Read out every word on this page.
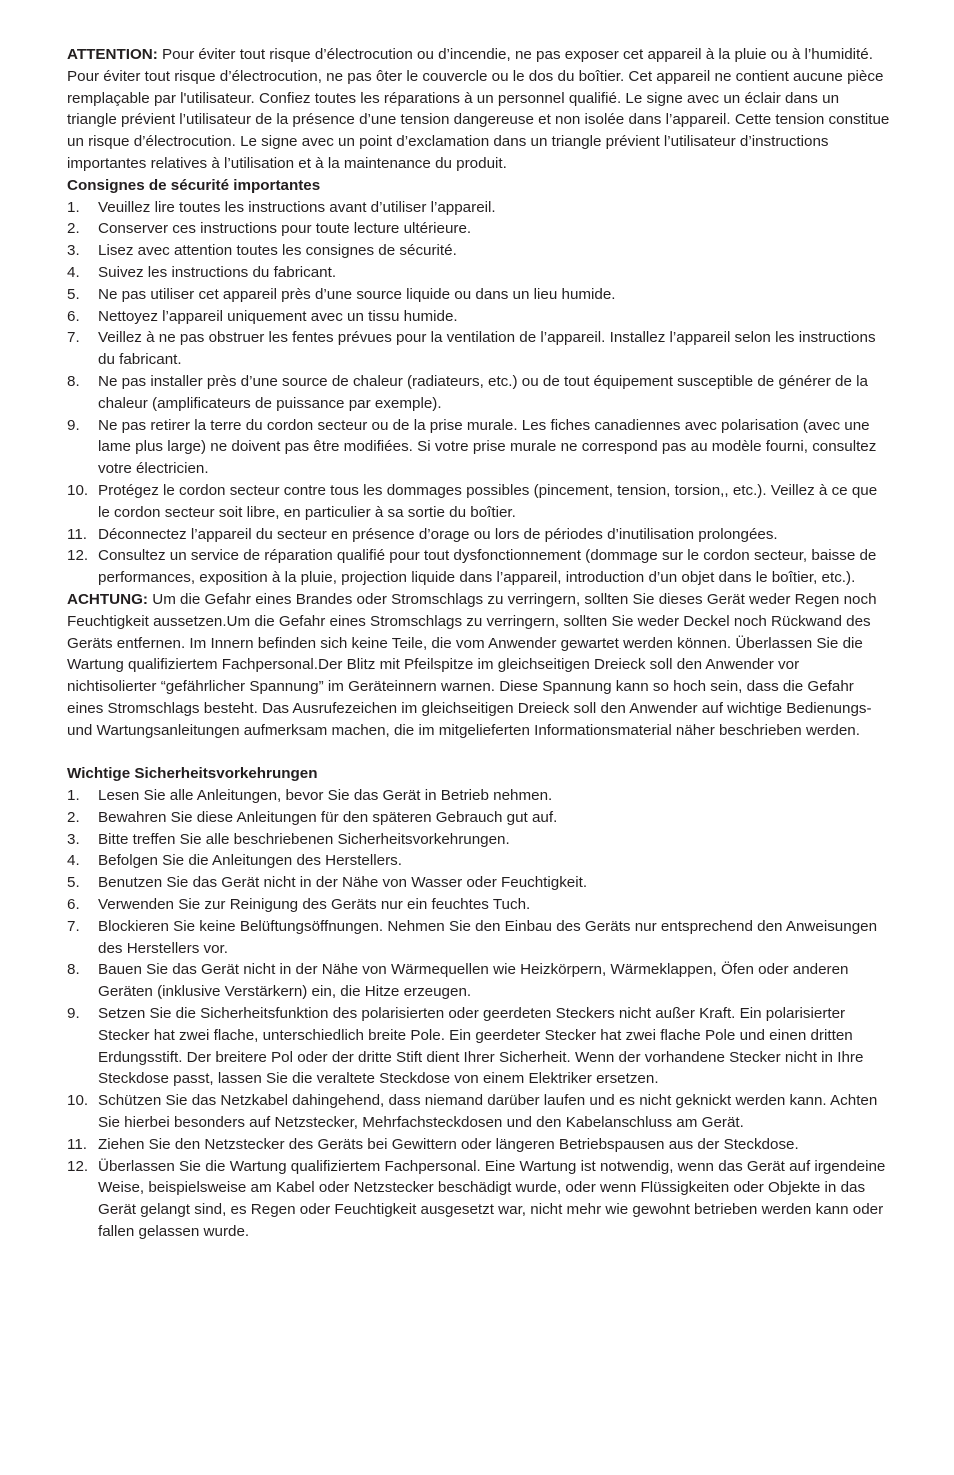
ATTENTION: Pour éviter tout risque d’électrocution ou d’incendie, ne pas exposer cet appareil à la pluie ou à l’humidité. Pour éviter tout risque d’électrocution, ne pas ôter le couvercle ou le dos du boîtier. Cet appareil ne contient aucune pièce remplaçable par l'utilisateur. Confiez toutes les réparations à un personnel qualifié. Le signe avec un éclair dans un triangle prévient l’utilisateur de la présence d’une tension dangereuse et non isolée dans l’appareil. Cette tension constitue un risque d’électrocution. Le signe avec un point d’exclamation dans un triangle prévient l’utilisateur d’instructions importantes relatives à l’utilisation et à la maintenance du produit.

Consignes de sécurité importantes
1.	Veuillez lire toutes les instructions avant d’utiliser l’appareil.
2.	Conserver ces instructions pour toute lecture ultérieure.
3.	Lisez avec attention toutes les consignes de sécurité.
4.	Suivez les instructions du fabricant.
5.	Ne pas utiliser cet appareil près d’une source liquide ou dans un lieu humide.
6.	Nettoyez l’appareil uniquement avec un tissu humide.
7.	Veillez à ne pas obstruer les fentes prévues pour la ventilation de l’appareil. Installez l’appareil selon les instructions du fabricant.
8.	Ne pas installer près d’une source de chaleur (radiateurs, etc.) ou de tout équipement susceptible de générer de la chaleur (amplificateurs de puissance par exemple).
9.	Ne pas retirer la terre du cordon secteur ou de la prise murale. Les fiches canadiennes avec polarisation (avec une lame plus large) ne doivent pas être modifiées. Si votre prise murale ne correspond pas au modèle fourni, consultez votre électricien.
10. Protégez le cordon secteur contre tous les dommages possibles (pincement, tension, torsion,, etc.). Veillez à ce que le cordon secteur soit libre, en particulier à sa sortie du boîtier.
11. Déconnectez l’appareil du secteur en présence d’orage ou lors de périodes d’inutilisation prolongées.
12. Consultez un service de réparation qualifié pour tout dysfonctionnement (dommage sur le cordon secteur, baisse de performances, exposition à la pluie, projection liquide dans l’appareil, introduction d’un objet dans le boîtier, etc.).

ACHTUNG: Um die Gefahr eines Brandes oder Stromschlags zu verringern, sollten Sie dieses Gerät weder Regen noch Feuchtigkeit aussetzen.Um die Gefahr eines Stromschlags zu verringern, sollten Sie weder Deckel noch Rückwand des Geräts entfernen. Im Innern befinden sich keine Teile, die vom Anwender gewartet werden können. Überlassen Sie die Wartung qualifiziertem Fachpersonal.Der Blitz mit Pfeilspitze im gleichseitigen Dreieck soll den Anwender vor nichtisolierter “gefährlicher Spannung” im Geräteinnern warnen. Diese Spannung kann so hoch sein, dass die Gefahr eines Stromschlags besteht. Das Ausrufezeichen im gleichseitigen Dreieck soll den Anwender auf wichtige Bedienungs- und Wartungsanleitungen aufmerksam machen, die im mitgelieferten Informationsmaterial näher beschrieben werden.

Wichtige Sicherheitsvorkehrungen
1.	Lesen Sie alle Anleitungen, bevor Sie das Gerät in Betrieb nehmen.
2.	Bewahren Sie diese Anleitungen für den späteren Gebrauch gut auf.
3.	Bitte treffen Sie alle beschriebenen Sicherheitsvorkehrungen.
4.	Befolgen Sie die Anleitungen des Herstellers.
5.	Benutzen Sie das Gerät nicht in der Nähe von Wasser oder Feuchtigkeit.
6.	Verwenden Sie zur Reinigung des Geräts nur ein feuchtes Tuch.
7.	Blockieren Sie keine Belüftungsöffnungen. Nehmen Sie den Einbau des Geräts nur entsprechend den Anweisungen des Herstellers vor.
8.	Bauen Sie das Gerät nicht in der Nähe von Wärmequellen wie Heizkörpern, Wärmeklappen, Öfen oder anderen Geräten (inklusive Verstärkern) ein, die Hitze erzeugen.
9.	Setzen Sie die Sicherheitsfunktion des polarisierten oder geerdeten Steckers nicht außer Kraft. Ein polarisierter Stecker hat zwei flache, unterschiedlich breite Pole. Ein geerdeter Stecker hat zwei flache Pole und einen dritten Erdungsstift. Der breitere Pol oder der dritte Stift dient Ihrer Sicherheit. Wenn der vorhandene Stecker nicht in Ihre Steckdose passt, lassen Sie die veraltete Steckdose von einem Elektriker ersetzen.
10. Schützen Sie das Netzkabel dahingehend, dass niemand darüber laufen und es nicht geknickt werden kann. Achten Sie hierbei besonders auf Netzstecker, Mehrfachsteckdosen und den Kabelanschluss am Gerät.
11. Ziehen Sie den Netzstecker des Geräts bei Gewittern oder längeren Betriebspausen aus der Steckdose.
12. Überlassen Sie die Wartung qualifiziertem Fachpersonal. Eine Wartung ist notwendig, wenn das Gerät auf irgendeine Weise, beispielsweise am Kabel oder Netzstecker beschädigt wurde, oder wenn Flüssigkeiten oder Objekte in das Gerät gelangt sind, es Regen oder Feuchtigkeit ausgesetzt war, nicht mehr wie gewohnt betrieben werden kann oder fallen gelassen wurde.
